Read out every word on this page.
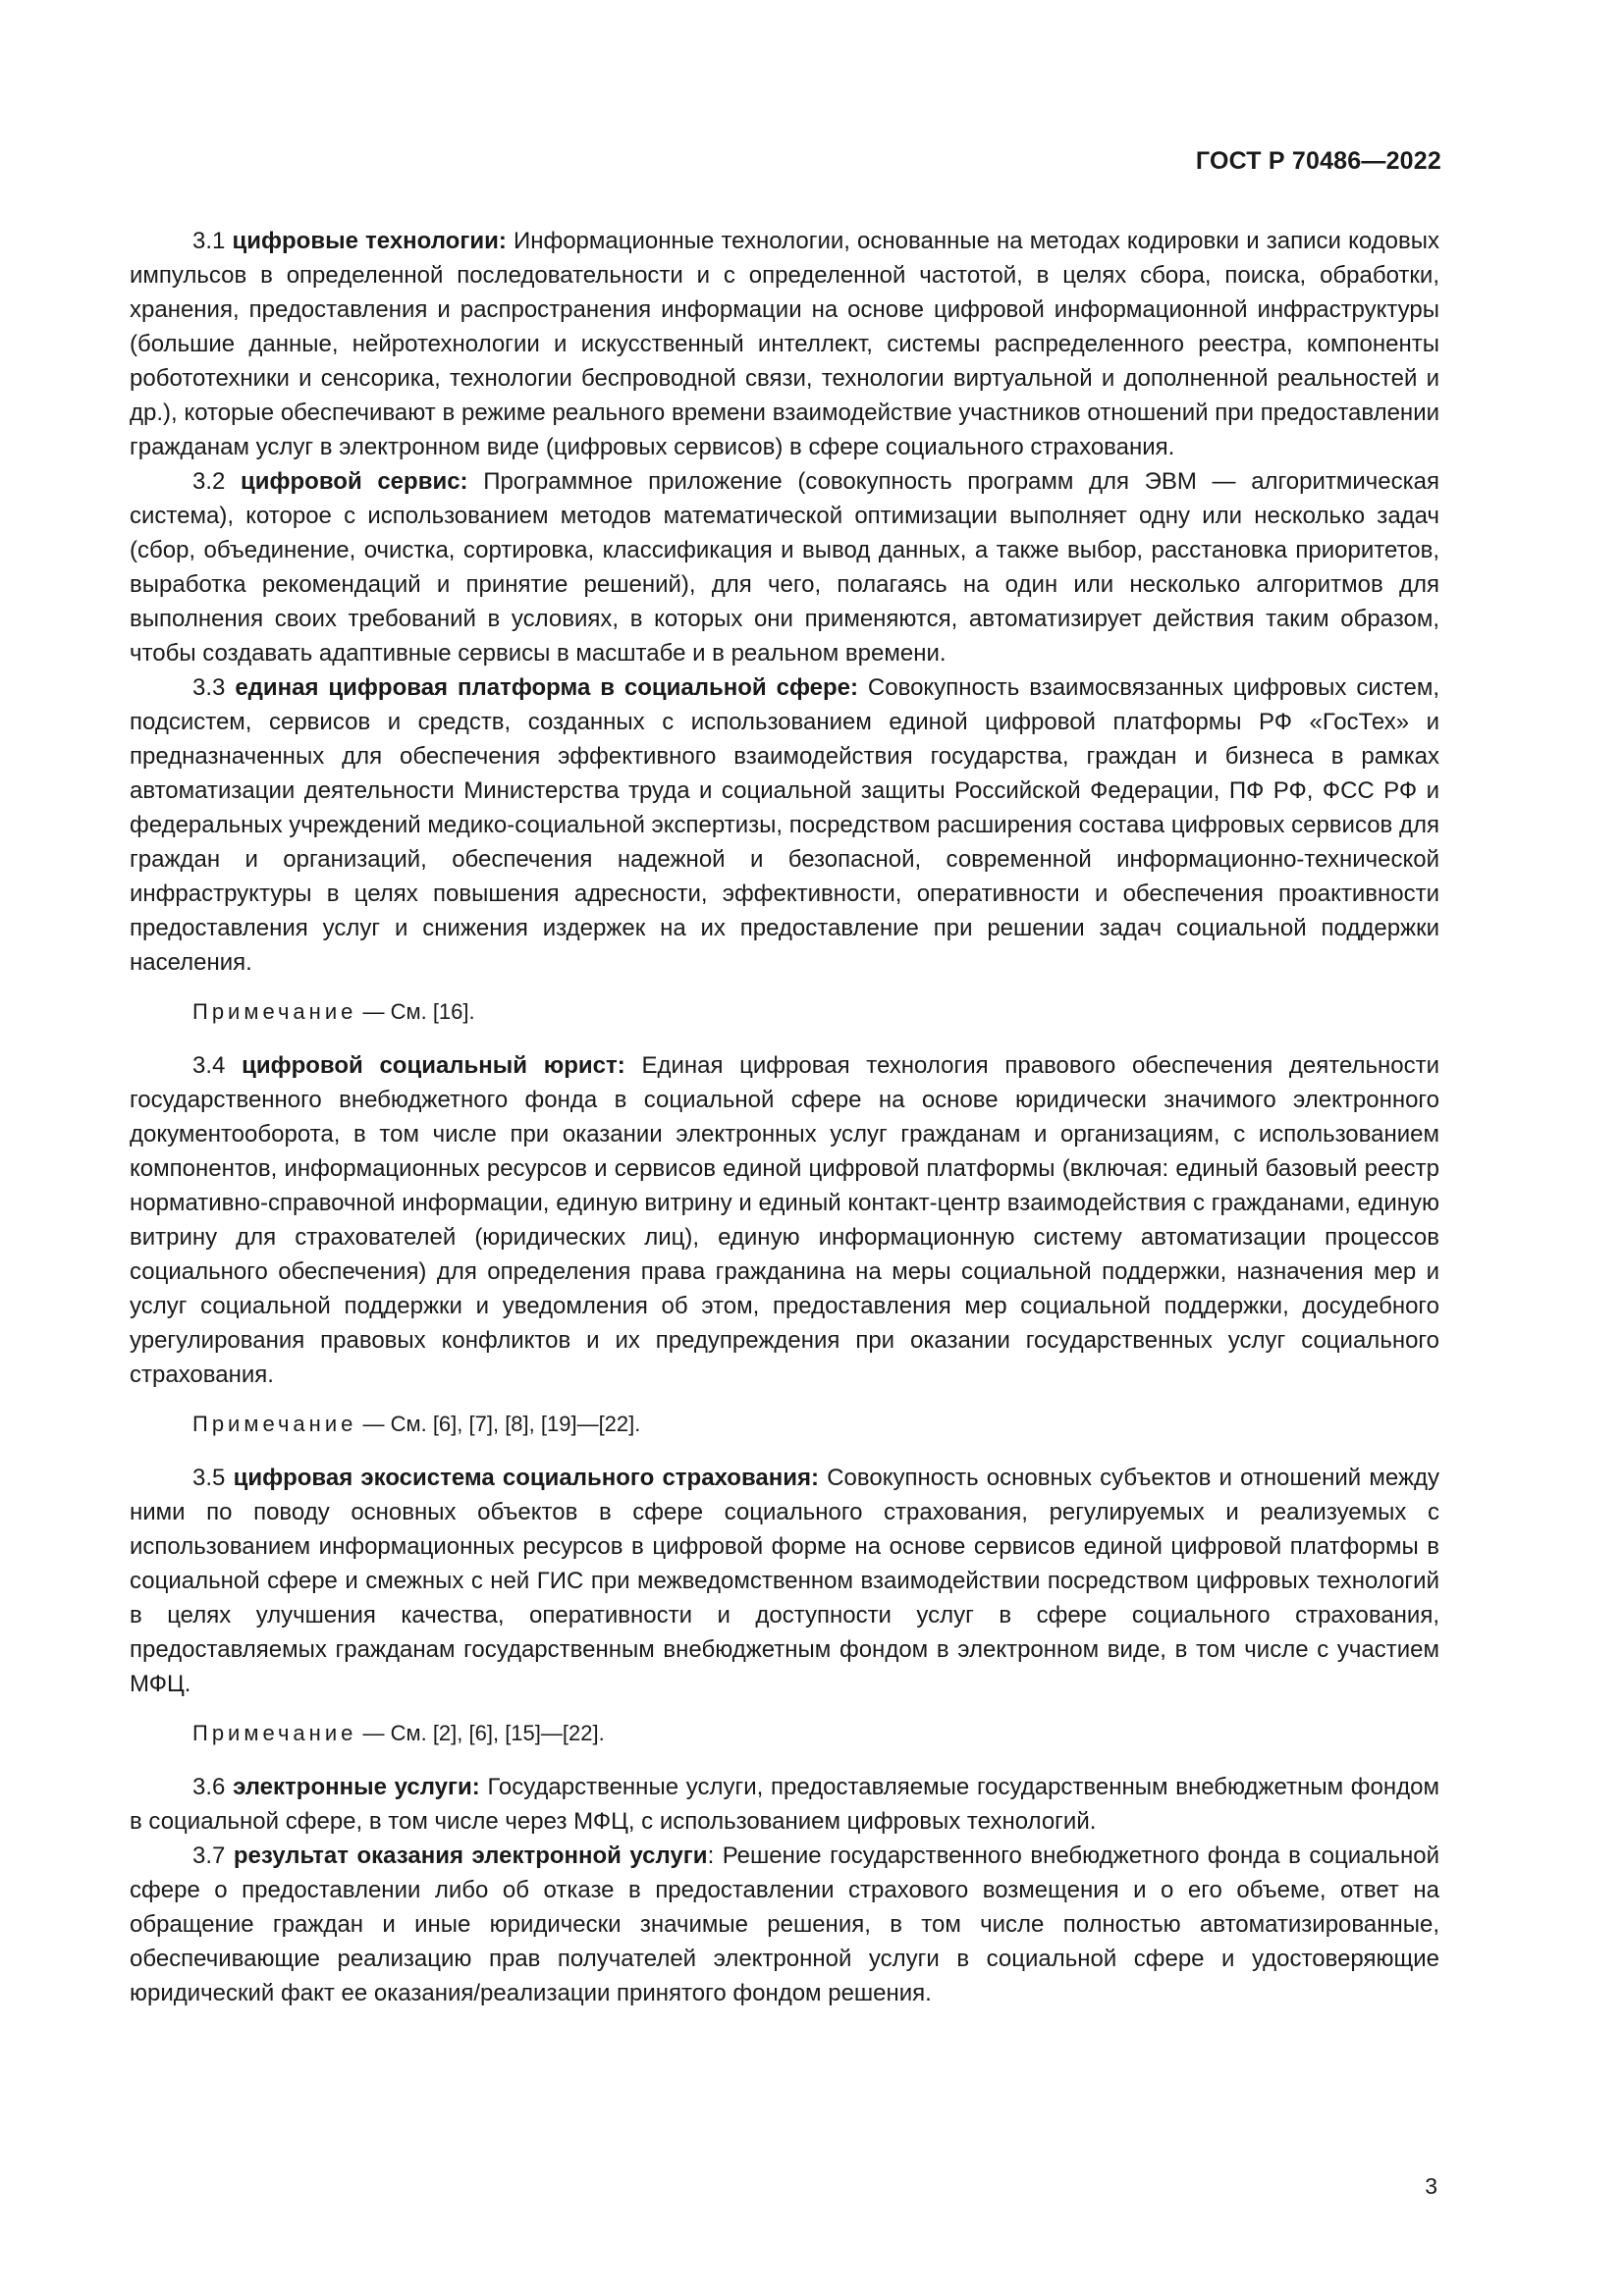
ГОСТ Р 70486—2022

3.1 цифровые технологии: Информационные технологии, основанные на методах кодировки и записи кодовых импульсов в определенной последовательности и с определенной частотой, в целях сбора, поиска, обработки, хранения, предоставления и распространения информации на основе цифровой информационной инфраструктуры (большие данные, нейротехнологии и искусственный интеллект, системы распределенного реестра, компоненты робототехники и сенсорика, технологии беспроводной связи, технологии виртуальной и дополненной реальностей и др.), которые обеспечивают в режиме реального времени взаимодействие участников отношений при предоставлении гражданам услуг в электронном виде (цифровых сервисов) в сфере социального страхования.

3.2 цифровой сервис: Программное приложение (совокупность программ для ЭВМ — алгоритмическая система), которое с использованием методов математической оптимизации выполняет одну или несколько задач (сбор, объединение, очистка, сортировка, классификация и вывод данных, а также выбор, расстановка приоритетов, выработка рекомендаций и принятие решений), для чего, полагаясь на один или несколько алгоритмов для выполнения своих требований в условиях, в которых они применяются, автоматизирует действия таким образом, чтобы создавать адаптивные сервисы в масштабе и в реальном времени.

3.3 единая цифровая платформа в социальной сфере: Совокупность взаимосвязанных цифровых систем, подсистем, сервисов и средств, созданных с использованием единой цифровой платформы РФ «ГосТех» и предназначенных для обеспечения эффективного взаимодействия государства, граждан и бизнеса в рамках автоматизации деятельности Министерства труда и социальной защиты Российской Федерации, ПФ РФ, ФСС РФ и федеральных учреждений медико-социальной экспертизы, посредством расширения состава цифровых сервисов для граждан и организаций, обеспечения надежной и безопасной, современной информационно-технической инфраструктуры в целях повышения адресности, эффективности, оперативности и обеспечения проактивности предоставления услуг и снижения издержек на их предоставление при решении задач социальной поддержки населения.

Примечание — См. [16].

3.4 цифровой социальный юрист: Единая цифровая технология правового обеспечения деятельности государственного внебюджетного фонда в социальной сфере на основе юридически значимого электронного документооборота, в том числе при оказании электронных услуг гражданам и организациям, с использованием компонентов, информационных ресурсов и сервисов единой цифровой платформы (включая: единый базовый реестр нормативно-справочной информации, единую витрину и единый контакт-центр взаимодействия с гражданами, единую витрину для страхователей (юридических лиц), единую информационную систему автоматизации процессов социального обеспечения) для определения права гражданина на меры социальной поддержки, назначения мер и услуг социальной поддержки и уведомления об этом, предоставления мер социальной поддержки, досудебного урегулирования правовых конфликтов и их предупреждения при оказании государственных услуг социального страхования.

Примечание — См. [6], [7], [8], [19]—[22].

3.5 цифровая экосистема социального страхования: Совокупность основных субъектов и отношений между ними по поводу основных объектов в сфере социального страхования, регулируемых и реализуемых с использованием информационных ресурсов в цифровой форме на основе сервисов единой цифровой платформы в социальной сфере и смежных с ней ГИС при межведомственном взаимодействии посредством цифровых технологий в целях улучшения качества, оперативности и доступности услуг в сфере социального страхования, предоставляемых гражданам государственным внебюджетным фондом в электронном виде, в том числе с участием МФЦ.

Примечание — См. [2], [6], [15]—[22].

3.6 электронные услуги: Государственные услуги, предоставляемые государственным внебюджетным фондом в социальной сфере, в том числе через МФЦ, с использованием цифровых технологий.

3.7 результат оказания электронной услуги: Решение государственного внебюджетного фонда в социальной сфере о предоставлении либо об отказе в предоставлении страхового возмещения и о его объеме, ответ на обращение граждан и иные юридически значимые решения, в том числе полностью автоматизированные, обеспечивающие реализацию прав получателей электронной услуги в социальной сфере и удостоверяющие юридический факт ее оказания/реализации принятого фондом решения.

3
